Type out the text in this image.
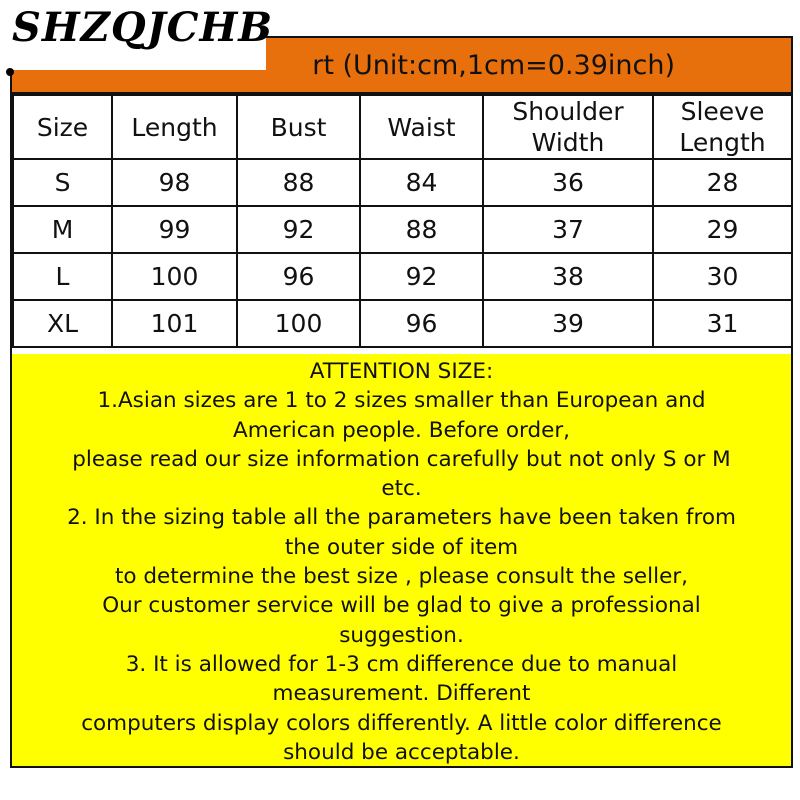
rt (Unit:cm,1cm=0.39inch)
Size	Length	Bust	Waist	Shoulder Width	Sleeve Length
S	98	88	84	36	28
M	99	92	88	37	29
L	100	96	92	38	30
XL	101	100	96	39	31
ATTENTION SIZE:
1.Asian sizes are 1 to 2 sizes smaller than European and
American people. Before order,
please read our size information carefully but not only S or M
etc.
2. In the sizing table all the parameters have been taken from
the outer side of item
to determine the best size , please consult the seller,
Our customer service will be glad to give a professional
suggestion.
3. It is allowed for 1-3 cm difference due to manual
measurement. Different
computers display colors differently. A little color difference
should be acceptable.
SHZQJCHB
